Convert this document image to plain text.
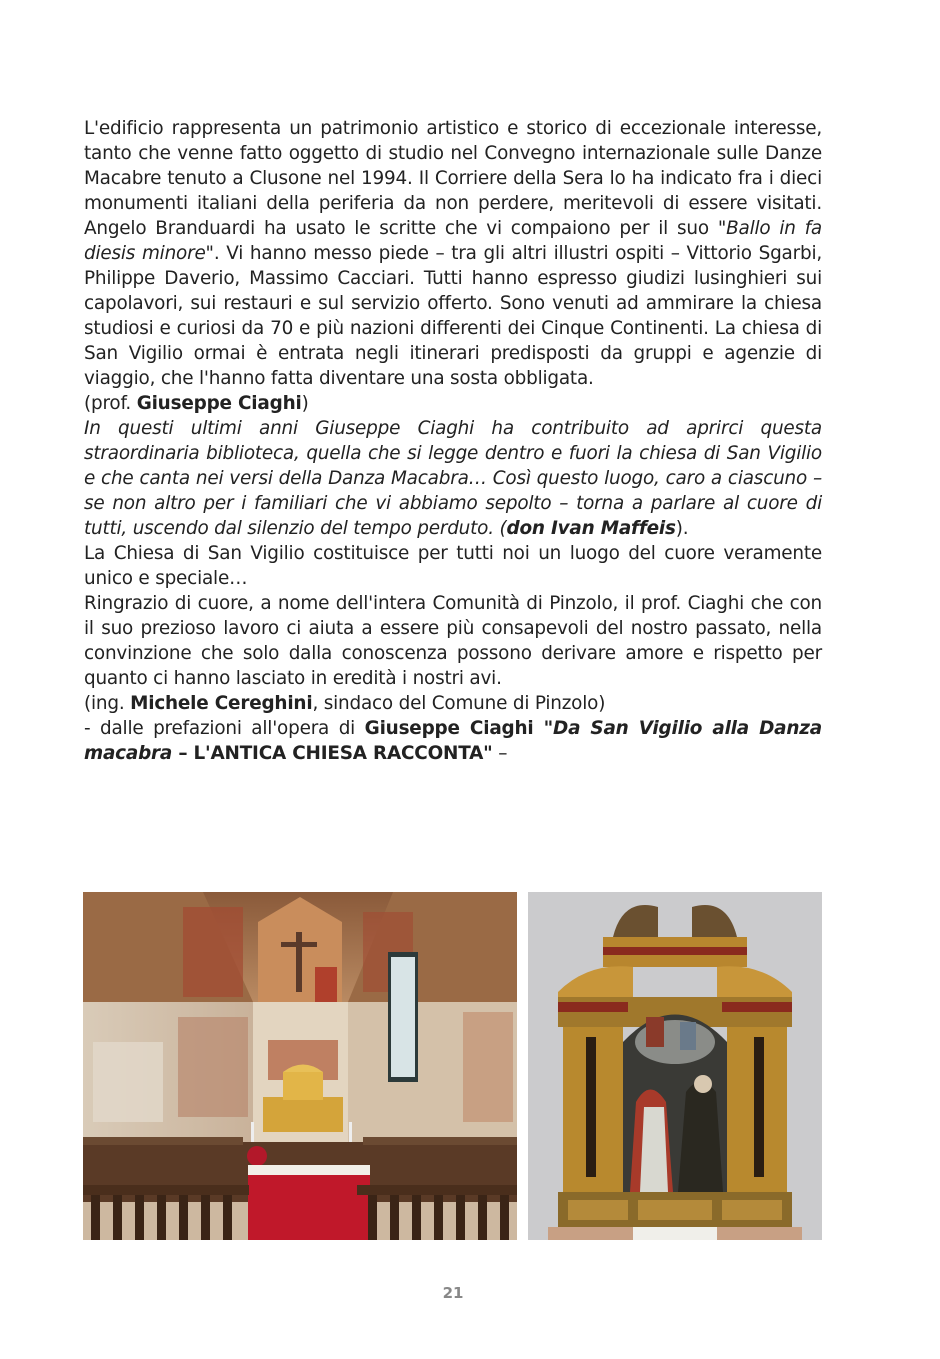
L'edificio rappresenta un patrimonio artistico e storico di eccezionale interesse, tanto che venne fatto oggetto di studio nel Convegno internazionale sulle Danze Macabre tenuto a Clusone nel 1994. Il Corriere della Sera lo ha indicato fra i dieci monumenti italiani della periferia da non perdere, meritevoli di essere visitati. Angelo Branduardi ha usato le scritte che vi compaiono per il suo "Ballo in fa diesis minore". Vi hanno messo piede – tra gli altri illustri ospiti – Vittorio Sgarbi, Philippe Daverio, Massimo Cacciari. Tutti hanno espresso giudizi lusinghieri sui capolavori, sui restauri e sul servizio offerto. Sono venuti ad ammirare la chiesa studiosi e curiosi da 70 e più nazioni differenti dei Cinque Continenti. La chiesa di San Vigilio ormai è entrata negli itinerari predisposti da gruppi e agenzie di viaggio, che l'hanno fatta diventare una sosta obbligata.

(prof. Giuseppe Ciaghi)

In questi ultimi anni Giuseppe Ciaghi ha contribuito ad aprirci questa straordinaria biblioteca, quella che si legge dentro e fuori la chiesa di San Vigilio e che canta nei versi della Danza Macabra… Così questo luogo, caro a ciascuno – se non altro per i familiari che vi abbiamo sepolto – torna a parlare al cuore di tutti, uscendo dal silenzio del tempo perduto. (don Ivan Maffeis).

La Chiesa di San Vigilio costituisce per tutti noi un luogo del cuore veramente unico e speciale…

Ringrazio di cuore, a nome dell'intera Comunità di Pinzolo, il prof. Ciaghi che con il suo prezioso lavoro ci aiuta a essere più consapevoli del nostro passato, nella convinzione che solo dalla conoscenza possono derivare amore e rispetto per quanto ci hanno lasciato in eredità i nostri avi.

(ing. Michele Cereghini, sindaco del Comune di Pinzolo)

- dalle prefazioni all'opera di Giuseppe Ciaghi "Da San Vigilio alla Danza macabra – L'ANTICA CHIESA RACCONTA" –

21
